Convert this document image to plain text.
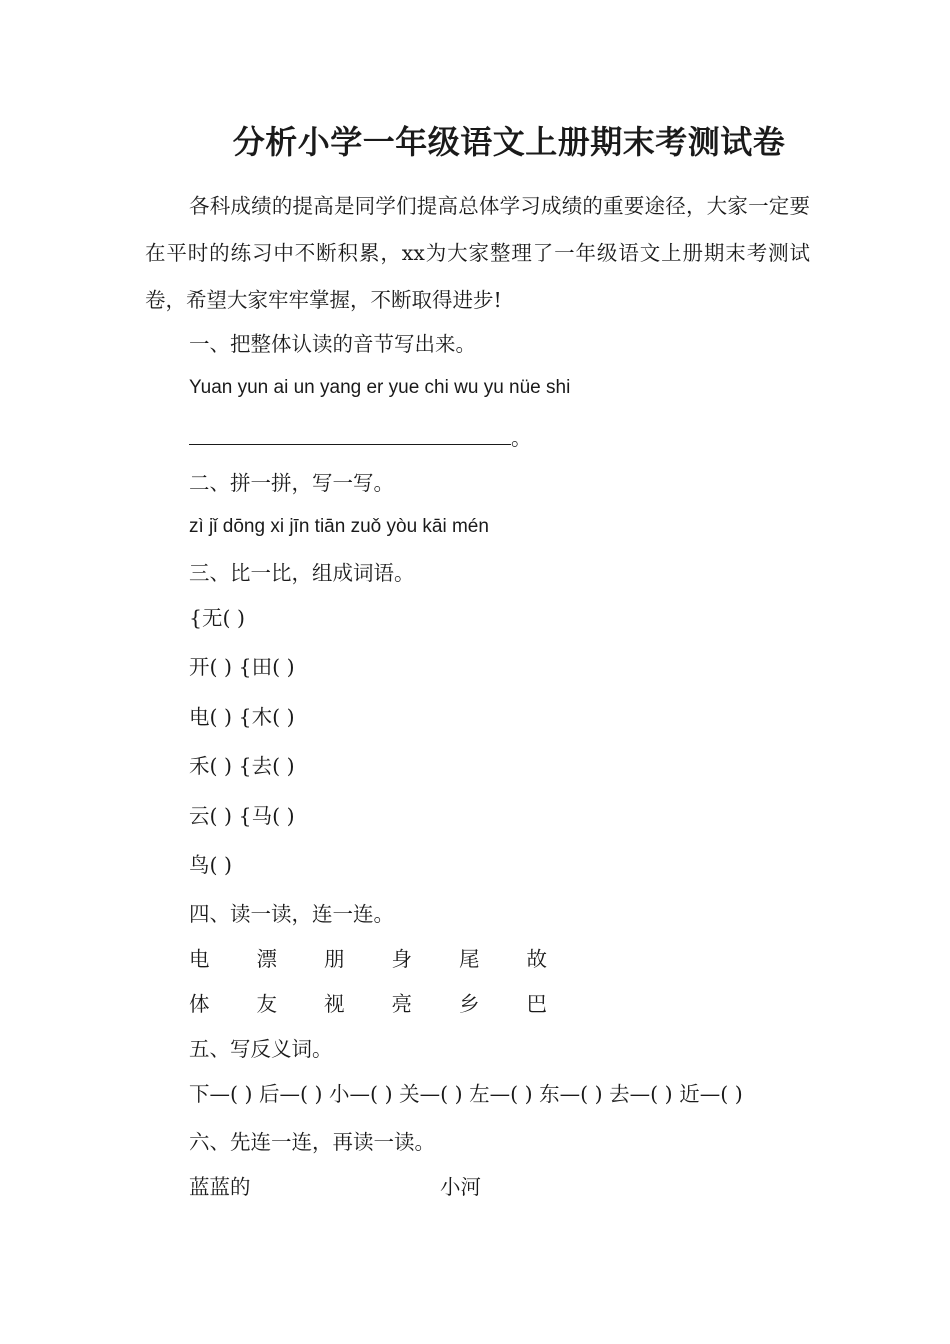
分析小学一年级语文上册期末考测试卷
各科成绩的提高是同学们提高总体学习成绩的重要途径，大家一定要在平时的练习中不断积累，xx为大家整理了一年级语文上册期末考测试卷，希望大家牢牢掌握，不断取得进步!
一、把整体认读的音节写出来。
Yuan yun ai un yang er yue chi wu yu nüe shi
。
二、拼一拼，写一写。
zì jǐ dōng xi jīn tiān zuǒ yòu kāi mén
三、比一比，组成词语。
{无( )
开( ) {田( )
电( ) {木( )
禾( ) {去( )
云( ) {马( )
鸟( )
四、读一读，连一连。
电 漂 朋 身 尾 故
体 友 视 亮 乡 巴
五、写反义词。
下—( ) 后—( ) 小—( ) 关—( ) 左—( ) 东—( ) 去—( ) 近—( )
六、先连一连，再读一读。
蓝蓝的	小河
